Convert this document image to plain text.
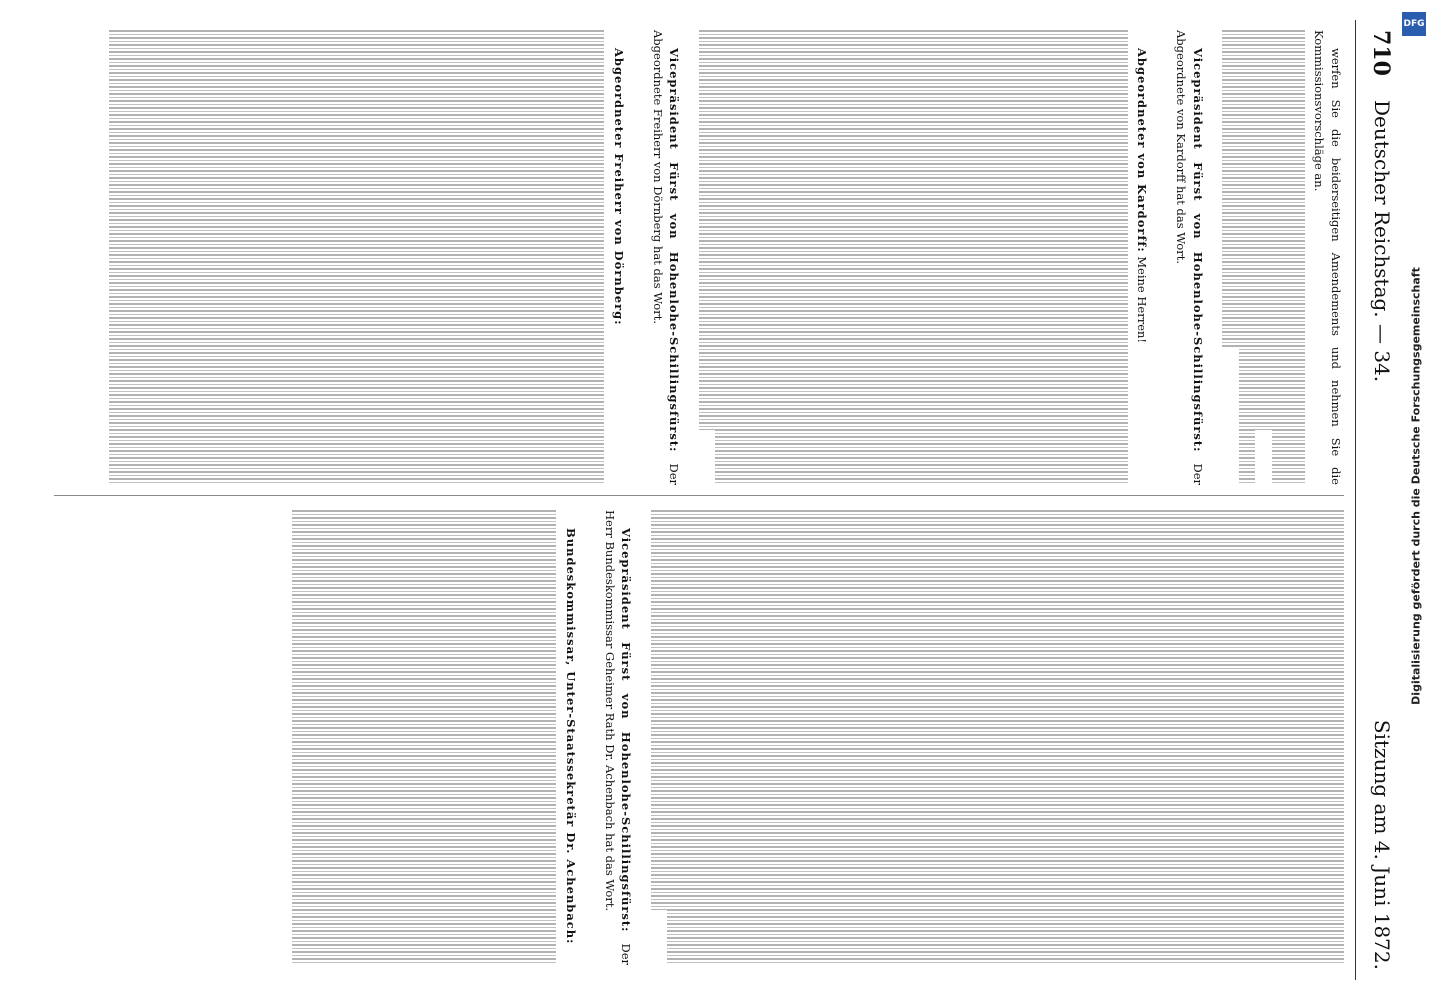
710
Deutscher Reichstag. — 34.
Sitzung am 4. Juni 1872.

werfen Sie die beiderseitigen Amendements und nehmen Sie die Kommissionsvorschläge an.

Vicepräsident Fürst von Hohenlohe-Schillingsfürst: Der Abgeordnete von Kardorff hat das Wort.

Abgeordneter von Kardorff: Meine Herren!

Vicepräsident Fürst von Hohenlohe-Schillingsfürst: Der Abgeordnete Freiherr von Dörnberg hat das Wort.

Abgeordneter Freiherr von Dörnberg:

Vicepräsident Fürst von Hohenlohe-Schillingsfürst: Der Herr Bundeskommissar Geheimer Rath Dr. Achenbach hat das Wort.

Bundeskommissar, Unter-Staatssekretär Dr. Achenbach:

DFG
Digitalisierung gefördert durch die Deutsche Forschungsgemeinschaft
